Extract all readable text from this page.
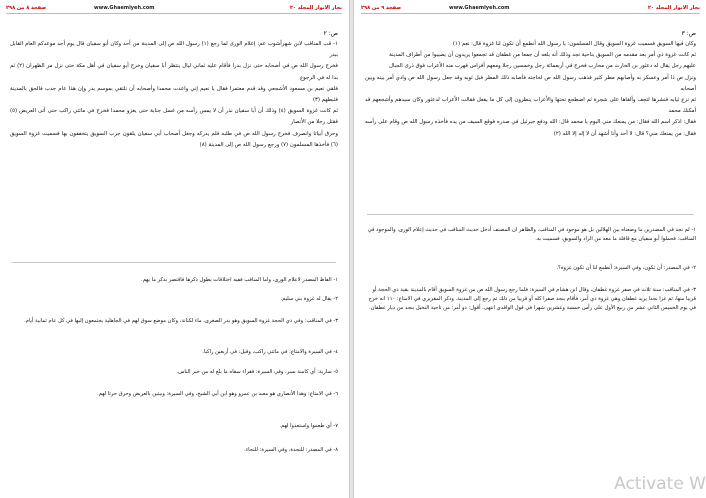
صفحة ٨ من ٢٩٨	www.Ghaemiyeh.com	بحار الانوار المجلد ٢٠
ص: ٢

١- قب المناقب لابن شهرآشوب عم: إعلام الورى لما رجع (١) رسول الله ص إلى المدينة من أحد وكان أبو سفيان قال يوم أحد موعدكم العام القابل ببدر

فخرج رسول الله ص في أصحابه حتى نزل بدرا فأقام عليه ثماني ليال ينتظر أبا سفيان وخرج أبو سفيان في أهل مكة حتى نزل مر الظهران (٢) ثم بدا له في الرجوع

فلقي نعيم بن مسعود الأشجعي وقد قدم معتمرا فقال يا نعيم إني واعدت محمدا وأصحابه أن نلتقي بموسم بدر وإن هذا عام جدب فالحق بالمدينة فثبطهم (٣)

ثم كانت غزوة السويق (٤) وذلك أن أبا سفيان نذر أن لا يمس رأسه من غسل جنابة حتى يغزو محمدا فخرج في مائتي راكب حتى أتى العريض (٥) فقتل رجلا من الأنصار

وحرق أبياتا وانصرف فخرج رسول الله ص في طلبه فلم يدركه وجعل أصحاب أبي سفيان يلقون جرب السويق يتخففون بها فسميت غزوة السويق (٦) فأخذها المسلمون (٧) ورجع رسول الله ص إلى المدينة (٨)

١- الفاظ المصدر لاعلام الورى، واما المناقب ففيه اختلافات يطول ذكرها فاقتصر بذكر ما يهم.
٢- يقال له غزوة بني سليم.
٣- في المناقب: وفي ذي الحجة غزوة السويق وهو بدر الصغرى، ماء لكنانة، وكان موضع سوق لهم في الجاهلية يجتمعون إليها في كل عام ثمانية أيام.
٤- في السيرة والامتاع: في مائتي راكب، وقيل: في أربعين راكبا.
٥- سارية: أي كامنة بسر، وفي السيرة: فقراء سقاه ما بلغ له من خبر الناس.
٦- في الامتاع: وهذا الأنصاري هو معبد بن عمرو وهو ابن أبي الشيخ، وفي السيرة: وبيتين بالعريض وحرق حرثا لهم.
٧- أي طعموا واستعدوا لهم.
٨- في المصدر: للنجدة، وفي السيرة: للنجاء.
صفحة ٩ من ٢٩٨	www.Ghaemiyeh.com	بحار الانوار المجلد ٢٠
ص: ٣

وكان فيها السويق فسميت غزوة السويق وقال المسلمون: يا رسول الله أنطمع أن تكون لنا غزوة قال: نعم (١)

ثم كانت غزوة ذي أمر بعد مقدمه من السويق بناحية نجد وذلك أنه بلغه أن جمعا من غطفان قد تجمعوا يريدون أن يصيبوا من أطراف المدينة

عليهم رجل يقال له دعثور بن الحارث من محارب فخرج في أربعمائة رجل وخمسين رجلا ومعهم أفراس فهرب منه الأعراب فوق ذرى الجبال

ونزل ص ذا أمر وعسكر به وأصابهم مطر كثير فذهب رسول الله ص لحاجته فأصابه ذلك المطر فبل ثوبه وقد جعل رسول الله ص وادي أمر بينه وبين أصحابه

ثم نزع ثيابه فنشرها لتجف وألقاها على شجرة ثم اضطجع تحتها والأعراب ينظرون إلى كل ما يفعل فقالت الأعراب لدعثور وكان سيدهم وأشجعهم قد أمكنك محمد

فقال: اذكر اسم الله فقال: من يمنعك مني اليوم يا محمد قال: الله ودفع جبرئيل في صدره فوقع السيف من يده فأخذه رسول الله ص وقام على رأسه فقال: من يمنعك مني؟ قال: لا أحد وأنا أشهد أن لا إله إلا الله (٢)

١- لم نجد في المصدرين ما وضعناه بين الهلالين بل هو موجود في المناقب، والظاهر ان المصنف أدخل حديث المناقب في حديث إعلام الورى، والموجود في المناقب: فحملوا أبو سفيان مع قافلة ما معه من الزاد والسويق، فسميت به.
٢- في المصدر: أن تكون، وفي السيرة: أنطمع لنا أن تكون غزوة؟.
٣- في المناقب: سنة ثلاث في صفر غزوة غطفان، وقال ابن هشام في السيرة: فلما رجع رسول الله ص من غزوة السويق أقام بالمدينة بقية ذي الحجة أو قريبا منها، ثم غزا نجدا يريد غطفان وهي غزوة ذي أمر، فأقام بنجد صفرا كله أو قريبا من ذلك ثم رجع إلى المدينة. وذكر المقريزي في الامتاع: ١١٠ انه خرج في يوم الخميس الثاني عشر من ربيع الأول على رأس خمسة وعشرين شهرا في قول الواقدي انتهى. أقول: ذو أمر: من ناحية النخيل بنجد من ديار غطفان.
Activate W
